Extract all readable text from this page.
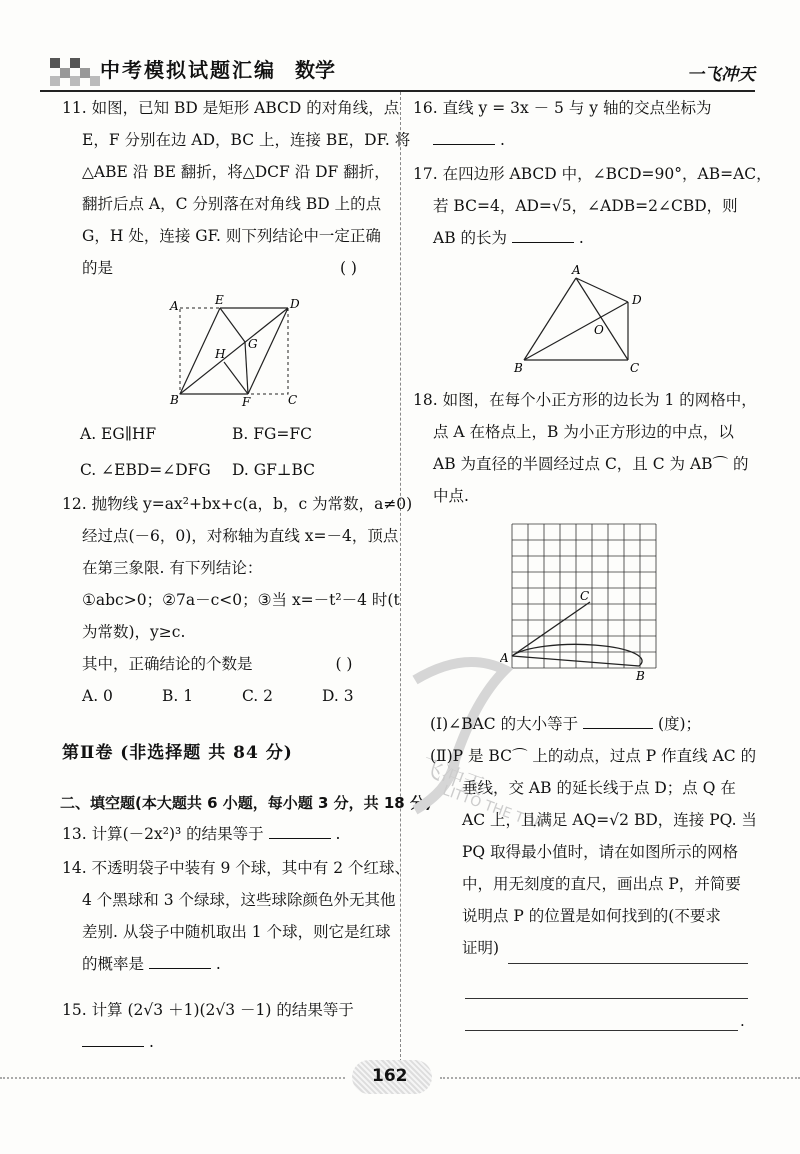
中考模拟试题汇编 数学	一飞冲天

11. 如图，已知 BD 是矩形 ABCD 的对角线，点

E，F 分别在边 AD，BC 上，连接 BE，DF. 将

△ABE 沿 BE 翻折，将△DCF 沿 DF 翻折，

翻折后点 A，C 分别落在对角线 BD 上的点

G，H 处，连接 GF. 则下列结论中一定正确

的是	( )

A	E	D
H
G
B	F	C

A. EG∥HF	B. FG=FC

C. ∠EBD=∠DFG	D. GF⊥BC

12. 抛物线 y=ax²+bx+c(a，b，c 为常数，a≠0)

经过点(－6，0)，对称轴为直线 x=－4，顶点

在第三象限. 有下列结论：

①abc>0；②7a－c<0；③当 x=－t²－4 时(t

为常数)，y≥c.

其中，正确结论的个数是	( )

A. 0	B. 1	C. 2	D. 3

第Ⅱ卷 (非选择题 共 84 分)
二、填空题(本大题共 6 小题，每小题 3 分，共 18 分)

13. 计算(－2x²)³ 的结果等于	.

14. 不透明袋子中装有 9 个球，其中有 2 个红球、

4 个黑球和 3 个绿球，这些球除颜色外无其他

差别. 从袋子中随机取出 1 个球，则它是红球

的概率是	.

15. 计算 (2√3 ＋1)(2√3 －1) 的结果等于

.

16. 直线 y = 3x － 5 与 y 轴的交点坐标为

.

17. 在四边形 ABCD 中，∠BCD=90°，AB=AC，

若 BC=4，AD=√5，∠ADB=2∠CBD，则

AB 的长为	.

A
D
O
B	C

18. 如图，在每个小正方形的边长为 1 的网格中，

点 A 在格点上，B 为小正方形边的中点，以

AB 为直径的半圆经过点 C，且 C 为 AB⌒ 的

中点.

C
A
B
飞冲天
LITTO THE TOP

(Ⅰ)∠BAC 的大小等于	(度)；

(Ⅱ)P 是 BC⌒ 上的动点，过点 P 作直线 AC 的

垂线，交 AB 的延长线于点 D；点 Q 在

AC 上，且满足 AQ=√2 BD，连接 PQ. 当

PQ 取得最小值时，请在如图所示的网格

中，用无刻度的直尺，画出点 P，并简要

说明点 P 的位置是如何找到的(不要求

证明)

.
162
